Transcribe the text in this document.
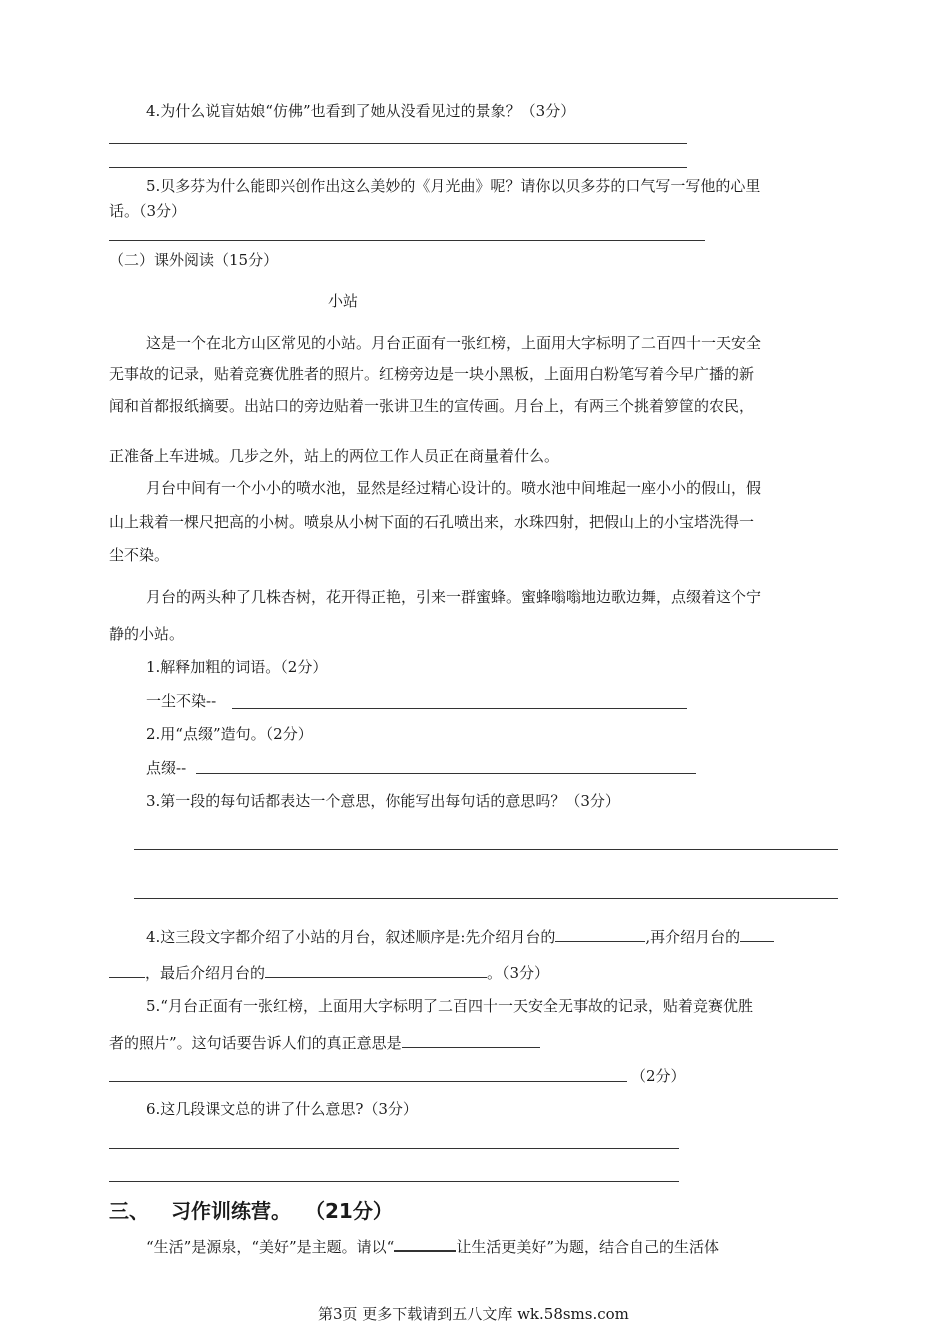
4.为什么说盲姑娘“仿佛”也看到了她从没看见过的景象？（3分）

5.贝多芬为什么能即兴创作出这么美妙的《月光曲》呢？请你以贝多芬的口气写一写他的心里

话。（3分）

（二）课外阅读（15分）

小站

这是一个在北方山区常见的小站。月台正面有一张红榜，上面用大字标明了二百四十一天安全

无事故的记录，贴着竞赛优胜者的照片。红榜旁边是一块小黑板，上面用白粉笔写着今早广播的新

闻和首都报纸摘要。出站口的旁边贴着一张讲卫生的宣传画。月台上，有两三个挑着箩筐的农民，

正准备上车进城。几步之外，站上的两位工作人员正在商量着什么。

月台中间有一个小小的喷水池，显然是经过精心设计的。喷水池中间堆起一座小小的假山，假

山上栽着一棵尺把高的小树。喷泉从小树下面的石孔喷出来，水珠四射，把假山上的小宝塔洗得一

尘不染。

月台的两头种了几株杏树，花开得正艳，引来一群蜜蜂。蜜蜂嗡嗡地边歌边舞，点缀着这个宁

静的小站。

1.解释加粗的词语。（2分）

一尘不染--

2.用“点缀”造句。（2分）

点缀--

3.第一段的每句话都表达一个意思，你能写出每句话的意思吗？（3分）

4.这三段文字都介绍了小站的月台，叙述顺序是:先介绍月台的	,再介绍月台的

，最后介绍月台的	。（3分）

5.“月台正面有一张红榜，上面用大字标明了二百四十一天安全无事故的记录，贴着竞赛优胜

者的照片”。这句话要告诉人们的真正意思是

（2分）

6.这几段课文总的讲了什么意思?（3分）

三、 习作训练营。 （21分）

“生活”是源泉，“美好”是主题。请以“	让生活更美好”为题，结合自己的生活体

第3页 更多下载请到五八文库 wk.58sms.com
